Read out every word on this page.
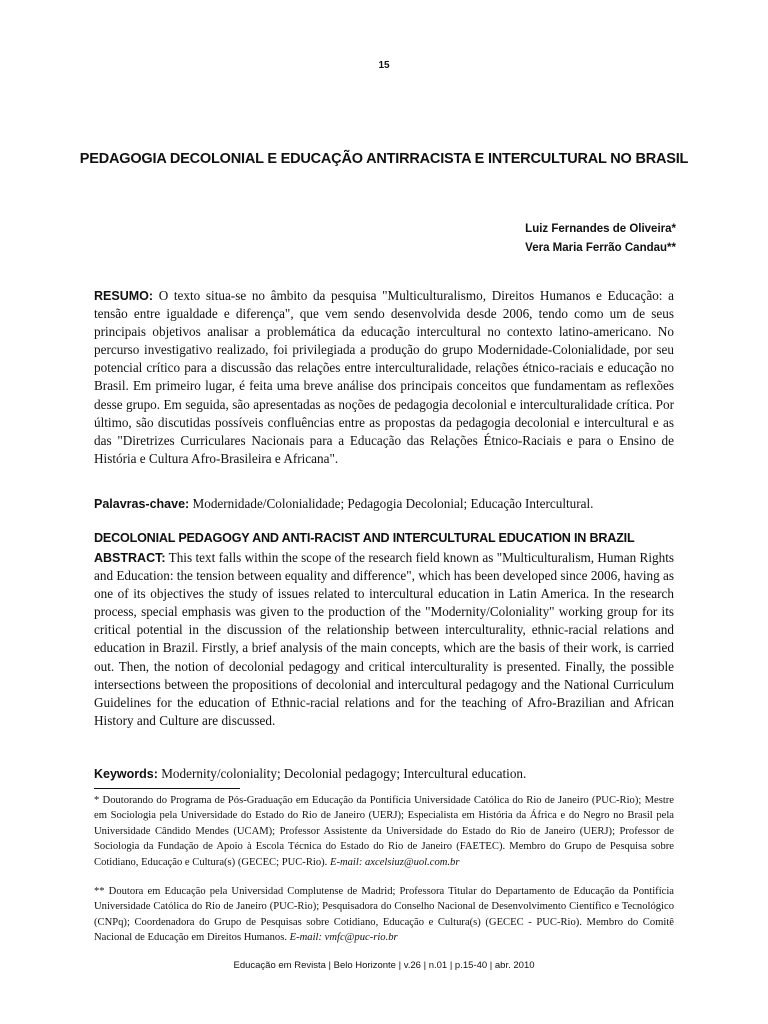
15
PEDAGOGIA DECOLONIAL E EDUCAÇÃO ANTIRRACISTA E INTERCULTURAL NO BRASIL
Luiz Fernandes de Oliveira*
Vera Maria Ferrão Candau**
RESUMO: O texto situa-se no âmbito da pesquisa "Multiculturalismo, Direitos Humanos e Educação: a tensão entre igualdade e diferença", que vem sendo desenvolvida desde 2006, tendo como um de seus principais objetivos analisar a problemática da educação intercultural no contexto latino-americano. No percurso investigativo realizado, foi privilegiada a produção do grupo Modernidade-Colonialidade, por seu potencial crítico para a discussão das relações entre interculturalidade, relações étnico-raciais e educação no Brasil. Em primeiro lugar, é feita uma breve análise dos principais conceitos que fundamentam as reflexões desse grupo. Em seguida, são apresentadas as noções de pedagogia decolonial e interculturalidade crítica. Por último, são discutidas possíveis confluências entre as propostas da pedagogia decolonial e intercultural e as das "Diretrizes Curriculares Nacionais para a Educação das Relações Étnico-Raciais e para o Ensino de História e Cultura Afro-Brasileira e Africana".
Palavras-chave: Modernidade/Colonialidade; Pedagogia Decolonial; Educação Intercultural.
DECOLONIAL PEDAGOGY AND ANTI-RACIST AND INTERCULTURAL EDUCATION IN BRAZIL
ABSTRACT: This text falls within the scope of the research field known as "Multiculturalism, Human Rights and Education: the tension between equality and difference", which has been developed since 2006, having as one of its objectives the study of issues related to intercultural education in Latin America. In the research process, special emphasis was given to the production of the "Modernity/Coloniality" working group for its critical potential in the discussion of the relationship between interculturality, ethnic-racial relations and education in Brazil. Firstly, a brief analysis of the main concepts, which are the basis of their work, is carried out. Then, the notion of decolonial pedagogy and critical interculturality is presented. Finally, the possible intersections between the propositions of decolonial and intercultural pedagogy and the National Curriculum Guidelines for the education of Ethnic-racial relations and for the teaching of Afro-Brazilian and African History and Culture are discussed.
Keywords: Modernity/coloniality; Decolonial pedagogy; Intercultural education.
* Doutorando do Programa de Pós-Graduação em Educação da Pontifícia Universidade Católica do Rio de Janeiro (PUC-Rio); Mestre em Sociologia pela Universidade do Estado do Rio de Janeiro (UERJ); Especialista em História da África e do Negro no Brasil pela Universidade Cândido Mendes (UCAM); Professor Assistente da Universidade do Estado do Rio de Janeiro (UERJ); Professor de Sociologia da Fundação de Apoio à Escola Técnica do Estado do Rio de Janeiro (FAETEC). Membro do Grupo de Pesquisa sobre Cotidiano, Educação e Cultura(s) (GECEC; PUC-Rio). E-mail: axcelsiuz@uol.com.br
** Doutora em Educação pela Universidad Complutense de Madrid; Professora Titular do Departamento de Educação da Pontifícia Universidade Católica do Rio de Janeiro (PUC-Rio); Pesquisadora do Conselho Nacional de Desenvolvimento Científico e Tecnológico (CNPq); Coordenadora do Grupo de Pesquisas sobre Cotidiano, Educação e Cultura(s) (GECEC - PUC-Rio). Membro do Comitê Nacional de Educação em Direitos Humanos. E-mail: vmfc@puc-rio.br
Educação em Revista | Belo Horizonte | v.26 | n.01 | p.15-40 | abr. 2010
